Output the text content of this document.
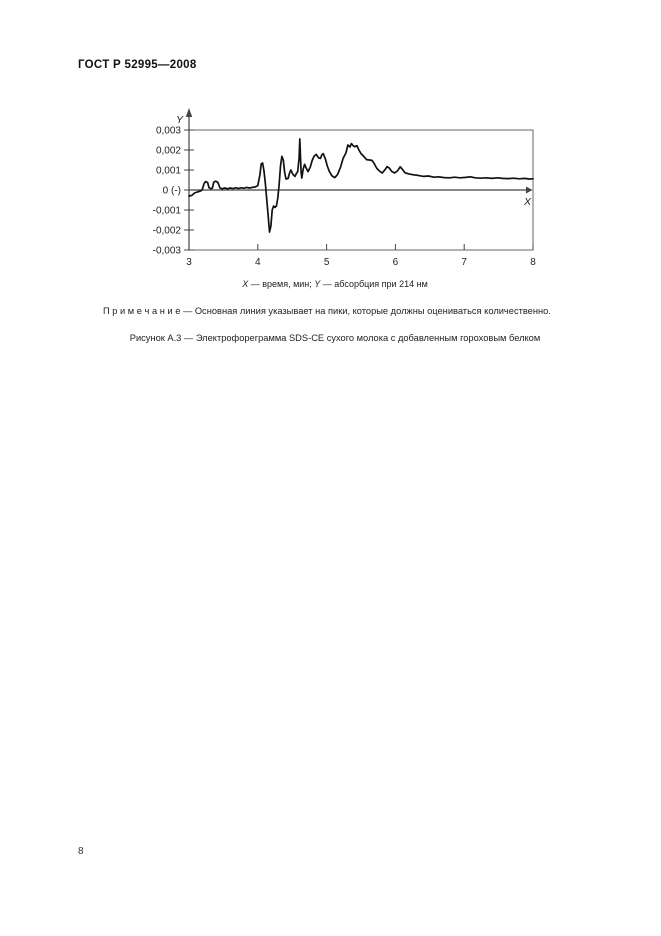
ГОСТ Р 52995—2008
0,003
0,002
0,001
0 (-)
-0,001
-0,002
-0,003
3	4	5	6	7	8
Y
X
X — время, мин; Y — абсорбция при 214 нм
П р и м е ч а н и е — Основная линия указывает на пики, которые должны оцениваться количественно.
Рисунок А.3 — Электрофореграмма SDS-CE сухого молока с добавленным гороховым белком
8
